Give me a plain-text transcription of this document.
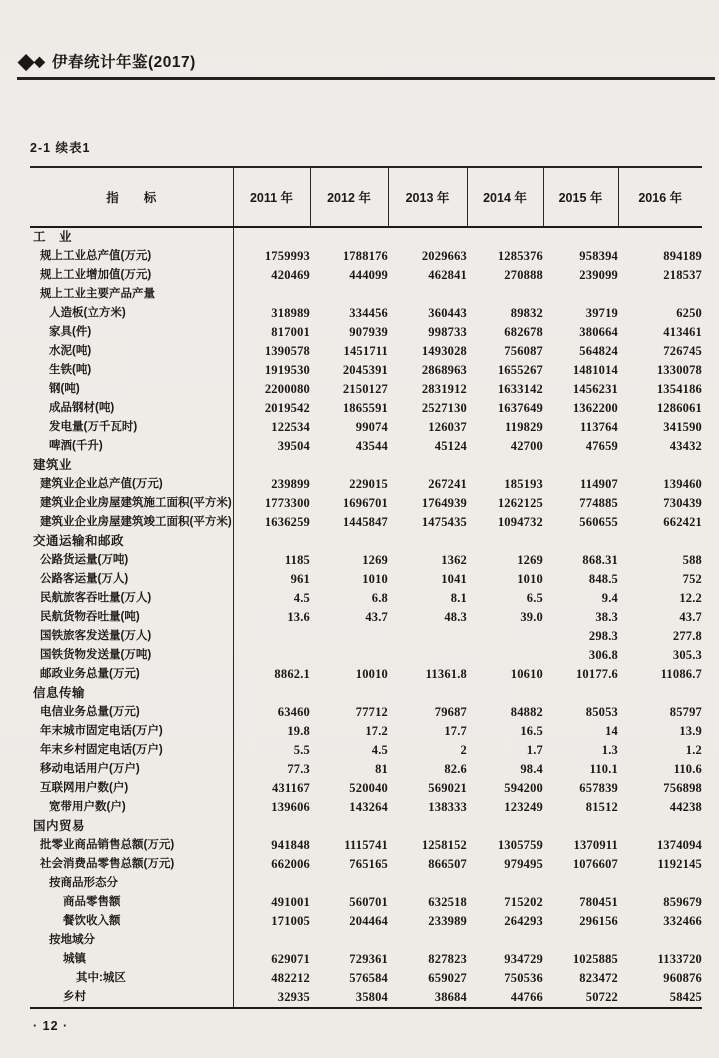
◆ ◆ 伊春统计年鉴(2017)
2-1 续表1
指　　标	2011 年	2012 年	2013 年	2014 年	2015 年	2016 年
工　业						
规上工业总产值(万元)	1759993	1788176	2029663	1285376	958394	894189
规上工业增加值(万元)	420469	444099	462841	270888	239099	218537
规上工业主要产品产量						
人造板(立方米)	318989	334456	360443	89832	39719	6250
家具(件)	817001	907939	998733	682678	380664	413461
水泥(吨)	1390578	1451711	1493028	756087	564824	726745
生铁(吨)	1919530	2045391	2868963	1655267	1481014	1330078
钢(吨)	2200080	2150127	2831912	1633142	1456231	1354186
成品钢材(吨)	2019542	1865591	2527130	1637649	1362200	1286061
发电量(万千瓦时)	122534	99074	126037	119829	113764	341590
啤酒(千升)	39504	43544	45124	42700	47659	43432
建筑业						
建筑业企业总产值(万元)	239899	229015	267241	185193	114907	139460
建筑业企业房屋建筑施工面积(平方米)	1773300	1696701	1764939	1262125	774885	730439
建筑业企业房屋建筑竣工面积(平方米)	1636259	1445847	1475435	1094732	560655	662421
交通运输和邮政						
公路货运量(万吨)	1185	1269	1362	1269	868.31	588
公路客运量(万人)	961	1010	1041	1010	848.5	752
民航旅客吞吐量(万人)	4.5	6.8	8.1	6.5	9.4	12.2
民航货物吞吐量(吨)	13.6	43.7	48.3	39.0	38.3	43.7
国铁旅客发送量(万人)					298.3	277.8
国铁货物发送量(万吨)					306.8	305.3
邮政业务总量(万元)	8862.1	10010	11361.8	10610	10177.6	11086.7
信息传输						
电信业务总量(万元)	63460	77712	79687	84882	85053	85797
年末城市固定电话(万户)	19.8	17.2	17.7	16.5	14	13.9
年末乡村固定电话(万户)	5.5	4.5	2	1.7	1.3	1.2
移动电话用户(万户)	77.3	81	82.6	98.4	110.1	110.6
互联网用户数(户)	431167	520040	569021	594200	657839	756898
宽带用户数(户)	139606	143264	138333	123249	81512	44238
国内贸易						
批零业商品销售总额(万元)	941848	1115741	1258152	1305759	1370911	1374094
社会消费品零售总额(万元)	662006	765165	866507	979495	1076607	1192145
按商品形态分						
商品零售额	491001	560701	632518	715202	780451	859679
餐饮收入额	171005	204464	233989	264293	296156	332466
按地域分						
城镇	629071	729361	827823	934729	1025885	1133720
其中:城区	482212	576584	659027	750536	823472	960876
乡村	32935	35804	38684	44766	50722	58425
· 12 ·
